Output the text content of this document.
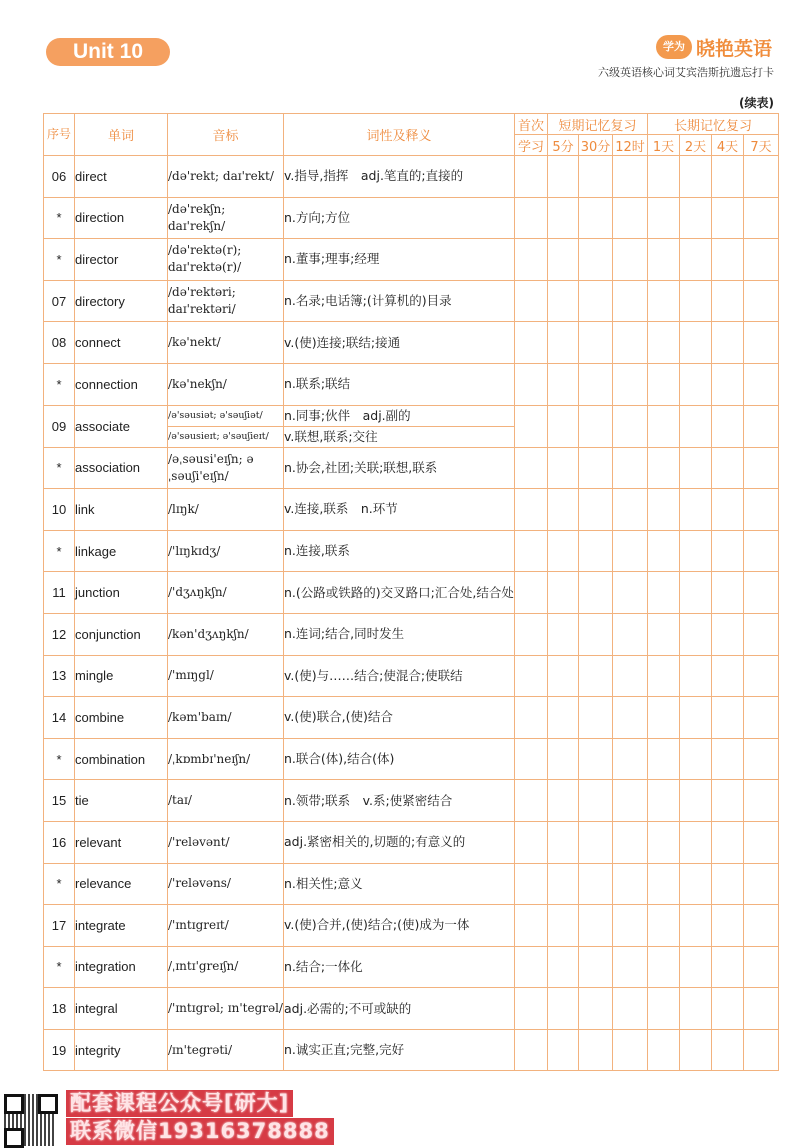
Unit 10	学为 晓艳英语
六级英语核心词艾宾浩斯抗遗忘打卡
(续表)
序号	单词	音标	词性及释义	首次	短期记忆复习			长期记忆复习			
				学习	5分	30分	12时	1天	2天	4天	7天
06	direct	/də'rekt; daɪ'rekt/	v.指导,指挥　adj.笔直的;直接的								
*	direction	/də'rekʃn; daɪ'rekʃn/	n.方向;方位								
*	director	/də'rektə(r); daɪ'rektə(r)/	n.董事;理事;经理								
07	directory	/də'rektəri; daɪ'rektəri/	n.名录;电话簿;(计算机的)目录								
08	connect	/kə'nekt/	v.(使)连接;联结;接通								
*	connection	/kə'nekʃn/	n.联系;联结								
09	associate	/ə'səusiət; ə'səuʃiət/	n.同事;伙伴　adj.副的								
		/ə'səusieɪt; ə'səuʃieɪt/	v.联想,联系;交往								
*	association	/əˌsəusi'eɪʃn; əˌsəuʃi'eɪʃn/	n.协会,社团;关联;联想,联系								
10	link	/lɪŋk/	v.连接,联系　n.环节								
*	linkage	/'lɪŋkɪdʒ/	n.连接,联系								
11	junction	/'dʒʌŋkʃn/	n.(公路或铁路的)交叉路口;汇合处,结合处								
12	conjunction	/kən'dʒʌŋkʃn/	n.连词;结合,同时发生								
13	mingle	/'mɪŋgl/	v.(使)与……结合;使混合;使联结								
14	combine	/kəm'baɪn/	v.(使)联合,(使)结合								
*	combination	/ˌkɒmbɪ'neɪʃn/	n.联合(体),结合(体)								
15	tie	/taɪ/	n.领带;联系　v.系;使紧密结合								
16	relevant	/'reləvənt/	adj.紧密相关的,切题的;有意义的								
*	relevance	/'reləvəns/	n.相关性;意义								
17	integrate	/'ɪntɪgreɪt/	v.(使)合并,(使)结合;(使)成为一体								
*	integration	/ˌɪntɪ'greɪʃn/	n.结合;一体化								
18	integral	/'ɪntɪgrəl; ɪn'tegrəl/	adj.必需的;不可或缺的								
19	integrity	/ɪn'tegrəti/	n.诚实正直;完整,完好								
配套课程公众号[研大]
联系微信19316378888
